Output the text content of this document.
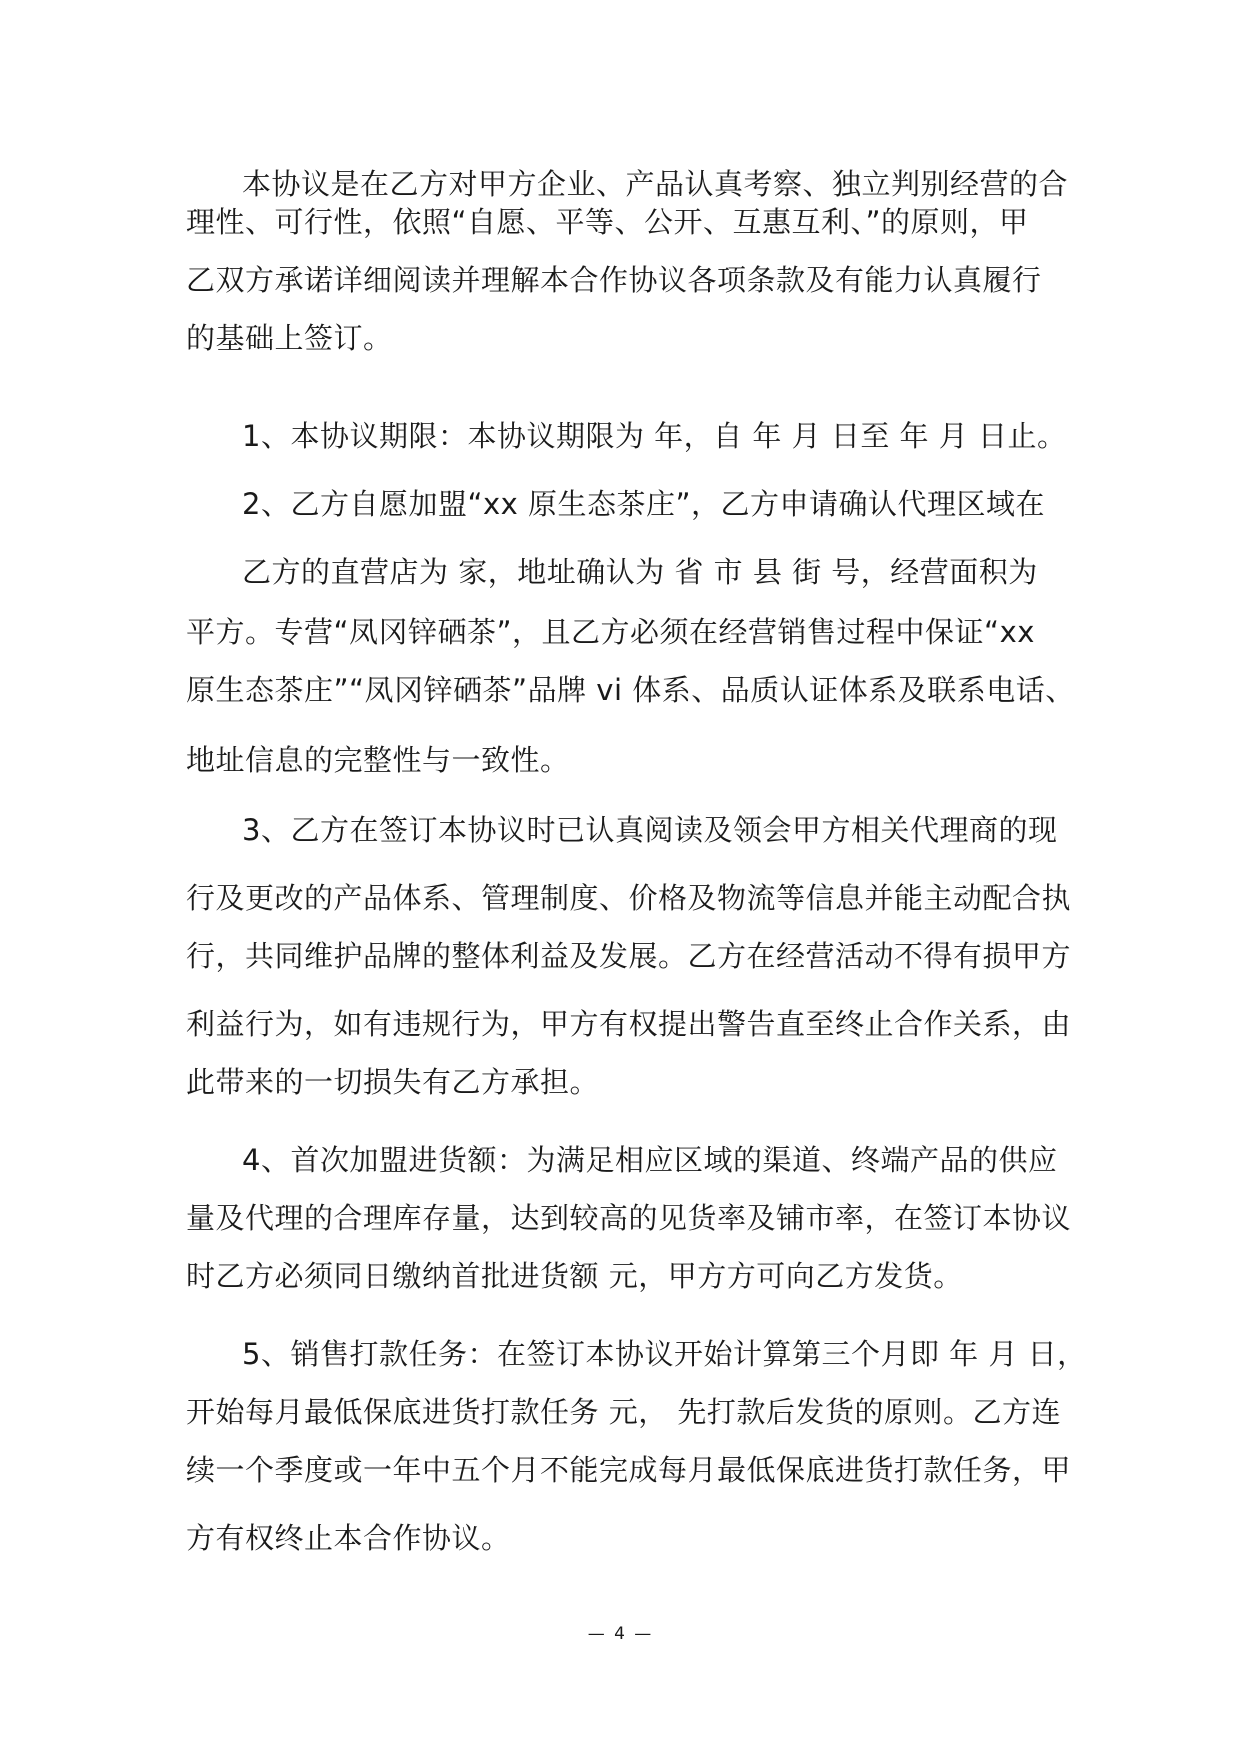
本协议是在乙方对甲方企业、产品认真考察、独立判别经营的合
理性、可行性，依照“自愿、平等、公开、互惠互利、”的原则，甲
乙双方承诺详细阅读并理解本合作协议各项条款及有能力认真履行
的基础上签订。
1、本协议期限：本协议期限为 年，自 年 月 日至 年 月 日止。
2、乙方自愿加盟“xx 原生态茶庄”，乙方申请确认代理区域在
乙方的直营店为 家，地址确认为 省 市 县 街 号，经营面积为
平方。专营“凤冈锌硒茶”，且乙方必须在经营销售过程中保证“xx
原生态茶庄”“凤冈锌硒茶”品牌 vi 体系、品质认证体系及联系电话、
地址信息的完整性与一致性。
3、乙方在签订本协议时已认真阅读及领会甲方相关代理商的现
行及更改的产品体系、管理制度、价格及物流等信息并能主动配合执
行，共同维护品牌的整体利益及发展。乙方在经营活动不得有损甲方
利益行为，如有违规行为，甲方有权提出警告直至终止合作关系，由
此带来的一切损失有乙方承担。
4、首次加盟进货额：为满足相应区域的渠道、终端产品的供应
量及代理的合理库存量，达到较高的见货率及铺市率，在签订本协议
时乙方必须同日缴纳首批进货额 元，甲方方可向乙方发货。
5、销售打款任务：在签订本协议开始计算第三个月即 年 月 日，
开始每月最低保底进货打款任务 元， 先打款后发货的原则。乙方连
续一个季度或一年中五个月不能完成每月最低保底进货打款任务，甲
方有权终止本合作协议。
— 4 —
